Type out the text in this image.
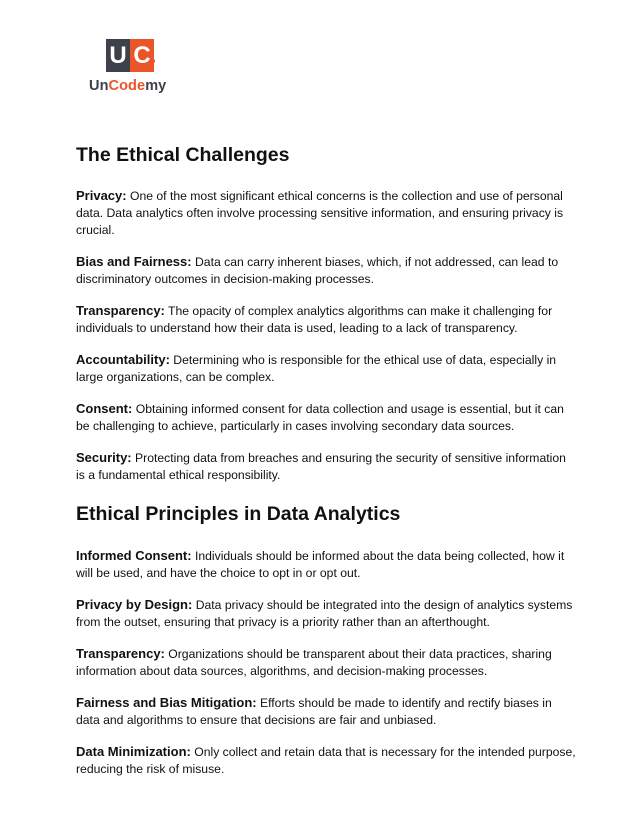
U C
UnCodemy
The Ethical Challenges

Privacy: One of the most significant ethical concerns is the collection and use of personal data. Data analytics often involve processing sensitive information, and ensuring privacy is crucial.

Bias and Fairness: Data can carry inherent biases, which, if not addressed, can lead to discriminatory outcomes in decision-making processes.

Transparency: The opacity of complex analytics algorithms can make it challenging for individuals to understand how their data is used, leading to a lack of transparency.

Accountability: Determining who is responsible for the ethical use of data, especially in large organizations, can be complex.

Consent: Obtaining informed consent for data collection and usage is essential, but it can be challenging to achieve, particularly in cases involving secondary data sources.

Security: Protecting data from breaches and ensuring the security of sensitive information is a fundamental ethical responsibility.

Ethical Principles in Data Analytics

Informed Consent: Individuals should be informed about the data being collected, how it will be used, and have the choice to opt in or opt out.

Privacy by Design: Data privacy should be integrated into the design of analytics systems from the outset, ensuring that privacy is a priority rather than an afterthought.

Transparency: Organizations should be transparent about their data practices, sharing information about data sources, algorithms, and decision-making processes.

Fairness and Bias Mitigation: Efforts should be made to identify and rectify biases in data and algorithms to ensure that decisions are fair and unbiased.

Data Minimization: Only collect and retain data that is necessary for the intended purpose, reducing the risk of misuse.
